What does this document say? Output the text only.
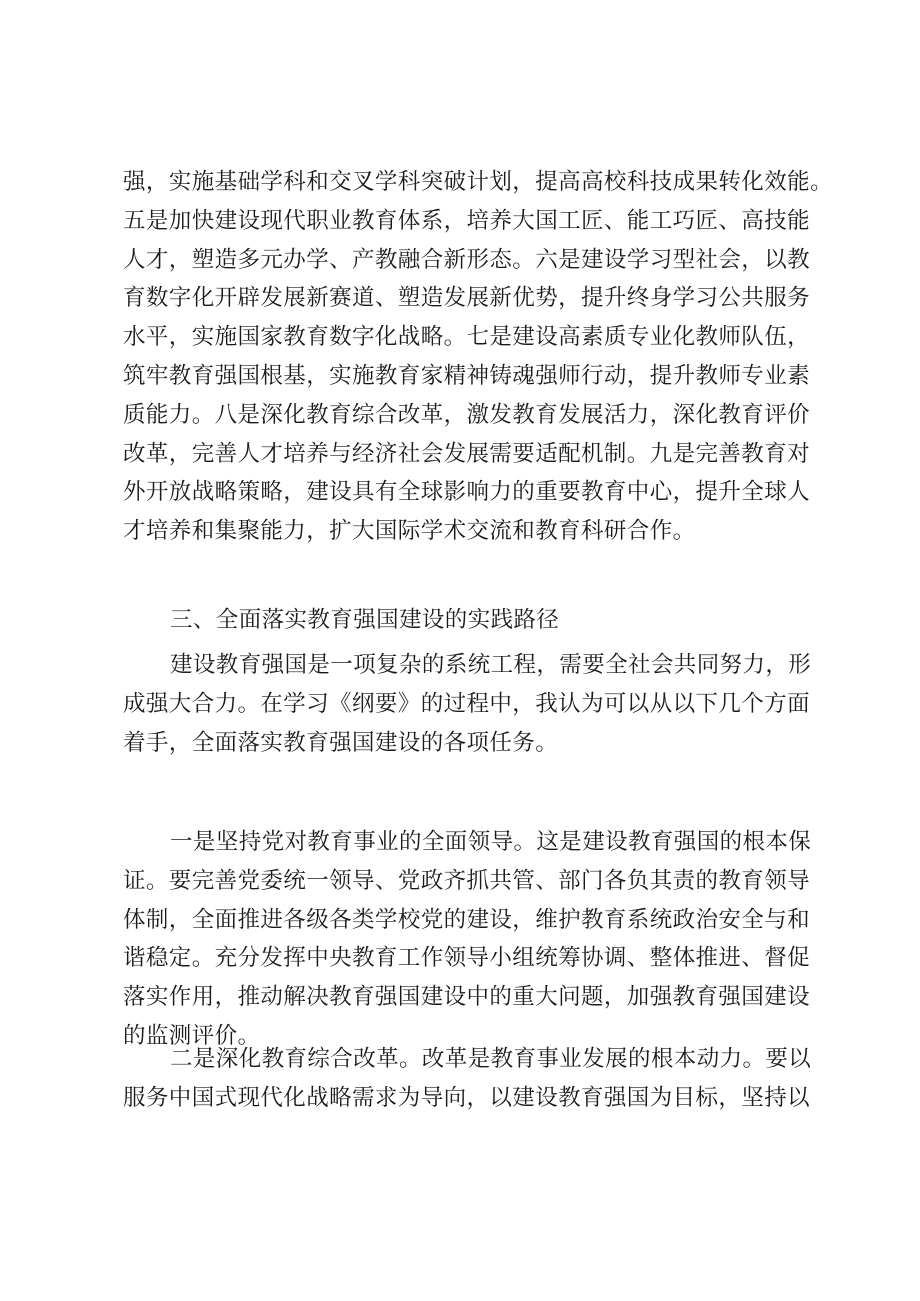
强，实施基础学科和交叉学科突破计划，提高高校科技成果转化效能。
五是加快建设现代职业教育体系，培养大国工匠、能工巧匠、高技能
人才，塑造多元办学、产教融合新形态。六是建设学习型社会，以教
育数字化开辟发展新赛道、塑造发展新优势，提升终身学习公共服务
水平，实施国家教育数字化战略。七是建设高素质专业化教师队伍，
筑牢教育强国根基，实施教育家精神铸魂强师行动，提升教师专业素
质能力。八是深化教育综合改革，激发教育发展活力，深化教育评价
改革，完善人才培养与经济社会发展需要适配机制。九是完善教育对
外开放战略策略，建设具有全球影响力的重要教育中心，提升全球人
才培养和集聚能力，扩大国际学术交流和教育科研合作。
三、全面落实教育强国建设的实践路径
建设教育强国是一项复杂的系统工程，需要全社会共同努力，形
成强大合力。在学习《纲要》的过程中，我认为可以从以下几个方面
着手，全面落实教育强国建设的各项任务。
一是坚持党对教育事业的全面领导。这是建设教育强国的根本保
证。要完善党委统一领导、党政齐抓共管、部门各负其责的教育领导
体制，全面推进各级各类学校党的建设，维护教育系统政治安全与和
谐稳定。充分发挥中央教育工作领导小组统筹协调、整体推进、督促
落实作用，推动解决教育强国建设中的重大问题，加强教育强国建设
的监测评价。
二是深化教育综合改革。改革是教育事业发展的根本动力。要以
服务中国式现代化战略需求为导向，以建设教育强国为目标，坚持以
